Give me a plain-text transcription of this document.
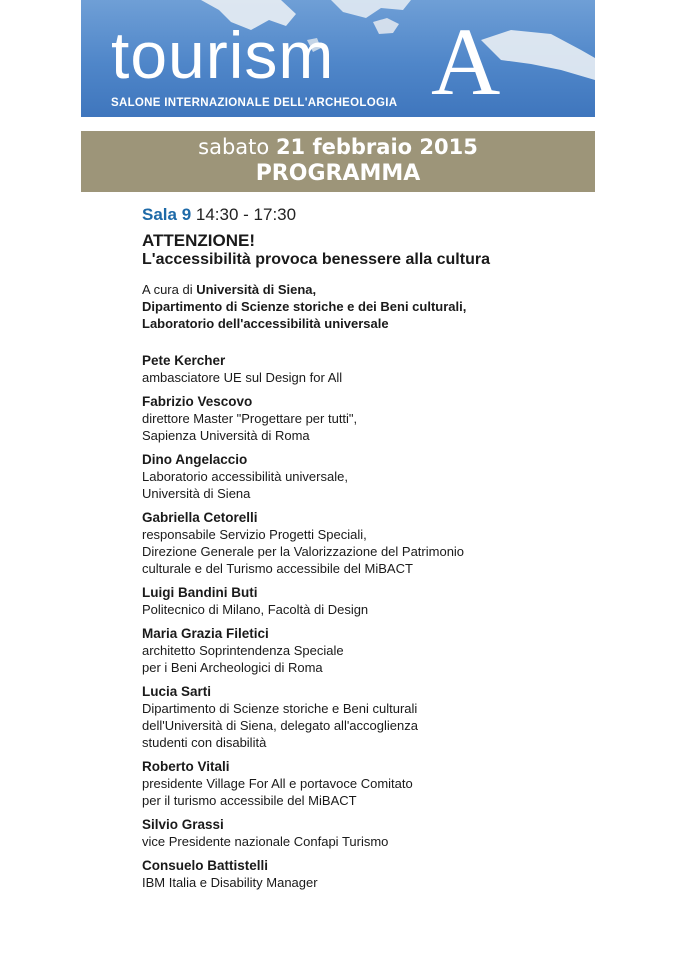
tourism A
SALONE INTERNAZIONALE DELL'ARCHEOLOGIA
sabato 21 febbraio 2015
PROGRAMMA
Sala 9 14:30 - 17:30
ATTENZIONE!
L'accessibilità provoca benessere alla cultura
A cura di Università di Siena,
Dipartimento di Scienze storiche e dei Beni culturali,
Laboratorio dell'accessibilità universale
Pete Kercher
ambasciatore UE sul Design for All
Fabrizio Vescovo
direttore Master "Progettare per tutti",
Sapienza Università di Roma
Dino Angelaccio
Laboratorio accessibilità universale,
Università di Siena
Gabriella Cetorelli
responsabile Servizio Progetti Speciali,
Direzione Generale per la Valorizzazione del Patrimonio
culturale e del Turismo accessibile del MiBACT
Luigi Bandini Buti
Politecnico di Milano, Facoltà di Design
Maria Grazia Filetici
architetto Soprintendenza Speciale
per i Beni Archeologici di Roma
Lucia Sarti
Dipartimento di Scienze storiche e Beni culturali
dell'Università di Siena, delegato all'accoglienza
studenti con disabilità
Roberto Vitali
presidente Village For All e portavoce Comitato
per il turismo accessibile del MiBACT
Silvio Grassi
vice Presidente nazionale Confapi Turismo
Consuelo Battistelli
IBM Italia e Disability Manager
